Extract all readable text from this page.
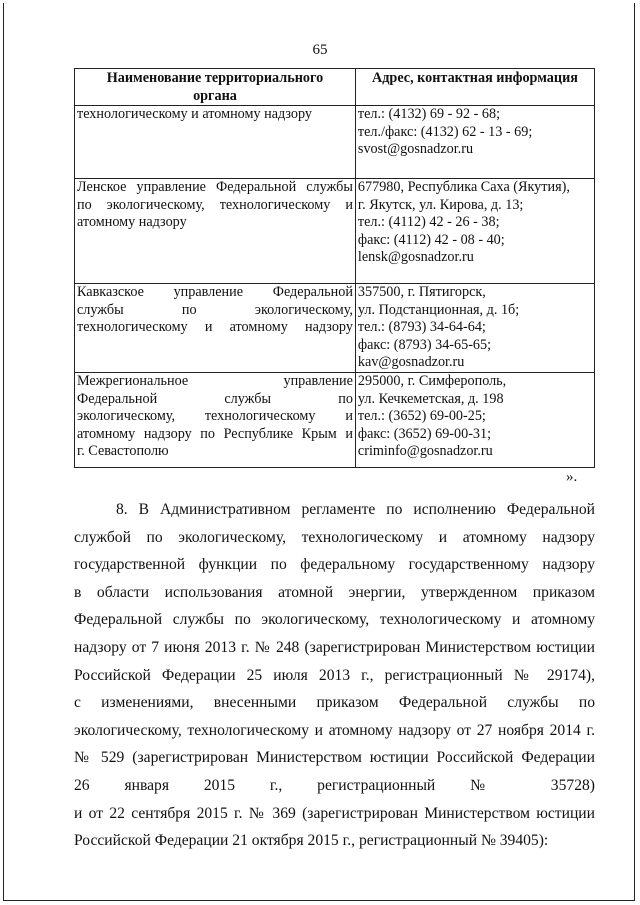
65
Наименование территориального
органа	Адрес, контактная информация

технологическому и атомному надзору	тел.: (4132) 69 - 92 - 68;
тел./факс: (4132) 62 - 13 - 69;
svost@gosnadzor.ru

Ленское управление Федеральной службы
по экологическому, технологическому и
атомному надзору	677980, Республика Саха (Якутия),
г. Якутск, ул. Кирова, д. 13;
тел.: (4112) 42 - 26 - 38;
факс: (4112) 42 - 08 - 40;
lensk@gosnadzor.ru

Кавказское управление Федеральной
службы по экологическому,
технологическому и атомному надзору	357500, г. Пятигорск,
ул. Подстанционная, д. 1б;
тел.: (8793) 34-64-64;
факс: (8793) 34-65-65;
kav@gosnadzor.ru

Межрегиональное управление
Федеральной службы по
экологическому, технологическому и
атомному надзору по Республике Крым и
г. Севастополю	295000, г. Симферополь,
ул. Кечкеметская, д. 198
тел.: (3652) 69-00-25;
факс: (3652) 69-00-31;
criminfo@gosnadzor.ru
».
8. В Административном регламенте по исполнению Федеральной
службой по экологическому, технологическому и атомному надзору
государственной функции по федеральному государственному надзору
в области использования атомной энергии, утвержденном приказом
Федеральной службы по экологическому, технологическому и атомному
надзору от 7 июня 2013 г. № 248 (зарегистрирован Министерством юстиции
Российской Федерации 25 июля 2013 г., регистрационный № 29174),
с изменениями, внесенными приказом Федеральной службы по
экологическому, технологическому и атомному надзору от 27 ноября 2014 г.
№ 529 (зарегистрирован Министерством юстиции Российской Федерации
26 января 2015 г., регистрационный № 35728)
и от 22 сентября 2015 г. № 369 (зарегистрирован Министерством юстиции
Российской Федерации 21 октября 2015 г., регистрационный № 39405):
